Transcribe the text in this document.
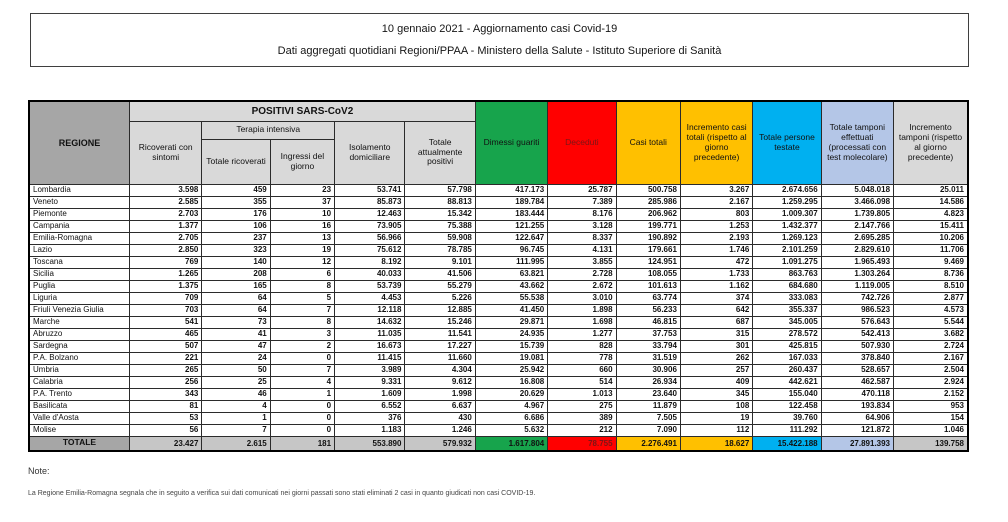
10 gennaio 2021 - Aggiornamento casi Covid-19
Dati aggregati quotidiani Regioni/PPAA - Ministero della Salute - Istituto Superiore di Sanità
REGIONE	POSITIVI SARS-CoV2					Dimessi guariti	Deceduti	Casi totali	Incremento casi totali (rispetto al giorno precedente)	Totale persone testate	Totale tamponi effettuati (processati con test molecolare)	Incremento tamponi (rispetto al giorno precedente)
	Ricoverati con sintomi	Terapia intensiva		Isolamento domiciliare	Totale attualmente positivi							
		Totale ricoverati	Ingressi del giorno									
Lombardia	3.598	459	23	53.741	57.798	417.173	25.787	500.758	3.267	2.674.656	5.048.018	25.011
Veneto	2.585	355	37	85.873	88.813	189.784	7.389	285.986	2.167	1.259.295	3.466.098	14.586
Piemonte	2.703	176	10	12.463	15.342	183.444	8.176	206.962	803	1.009.307	1.739.805	4.823
Campania	1.377	106	16	73.905	75.388	121.255	3.128	199.771	1.253	1.432.377	2.147.766	15.411
Emilia-Romagna	2.705	237	13	56.966	59.908	122.647	8.337	190.892	2.193	1.269.123	2.695.285	10.206
Lazio	2.850	323	19	75.612	78.785	96.745	4.131	179.661	1.746	2.101.259	2.829.610	11.706
Toscana	769	140	12	8.192	9.101	111.995	3.855	124.951	472	1.091.275	1.965.493	9.469
Sicilia	1.265	208	6	40.033	41.506	63.821	2.728	108.055	1.733	863.763	1.303.264	8.736
Puglia	1.375	165	8	53.739	55.279	43.662	2.672	101.613	1.162	684.680	1.119.005	8.510
Liguria	709	64	5	4.453	5.226	55.538	3.010	63.774	374	333.083	742.726	2.877
Friuli Venezia Giulia	703	64	7	12.118	12.885	41.450	1.898	56.233	642	355.337	986.523	4.573
Marche	541	73	8	14.632	15.246	29.871	1.698	46.815	687	345.005	576.643	5.544
Abruzzo	465	41	3	11.035	11.541	24.935	1.277	37.753	315	278.572	542.413	3.682
Sardegna	507	47	2	16.673	17.227	15.739	828	33.794	301	425.815	507.930	2.724
P.A. Bolzano	221	24	0	11.415	11.660	19.081	778	31.519	262	167.033	378.840	2.167
Umbria	265	50	7	3.989	4.304	25.942	660	30.906	257	260.437	528.657	2.504
Calabria	256	25	4	9.331	9.612	16.808	514	26.934	409	442.621	462.587	2.924
P.A. Trento	343	46	1	1.609	1.998	20.629	1.013	23.640	345	155.040	470.118	2.152
Basilicata	81	4	0	6.552	6.637	4.967	275	11.879	108	122.458	193.834	953
Valle d'Aosta	53	1	0	376	430	6.686	389	7.505	19	39.760	64.906	154
Molise	56	7	0	1.183	1.246	5.632	212	7.090	112	111.292	121.872	1.046
TOTALE	23.427	2.615	181	553.890	579.932	1.617.804	78.755	2.276.491	18.627	15.422.188	27.891.393	139.758
Note:
La Regione Emilia-Romagna segnala che in seguito a verifica sui dati comunicati nei giorni passati sono stati eliminati 2 casi in quanto giudicati non casi COVID-19.
